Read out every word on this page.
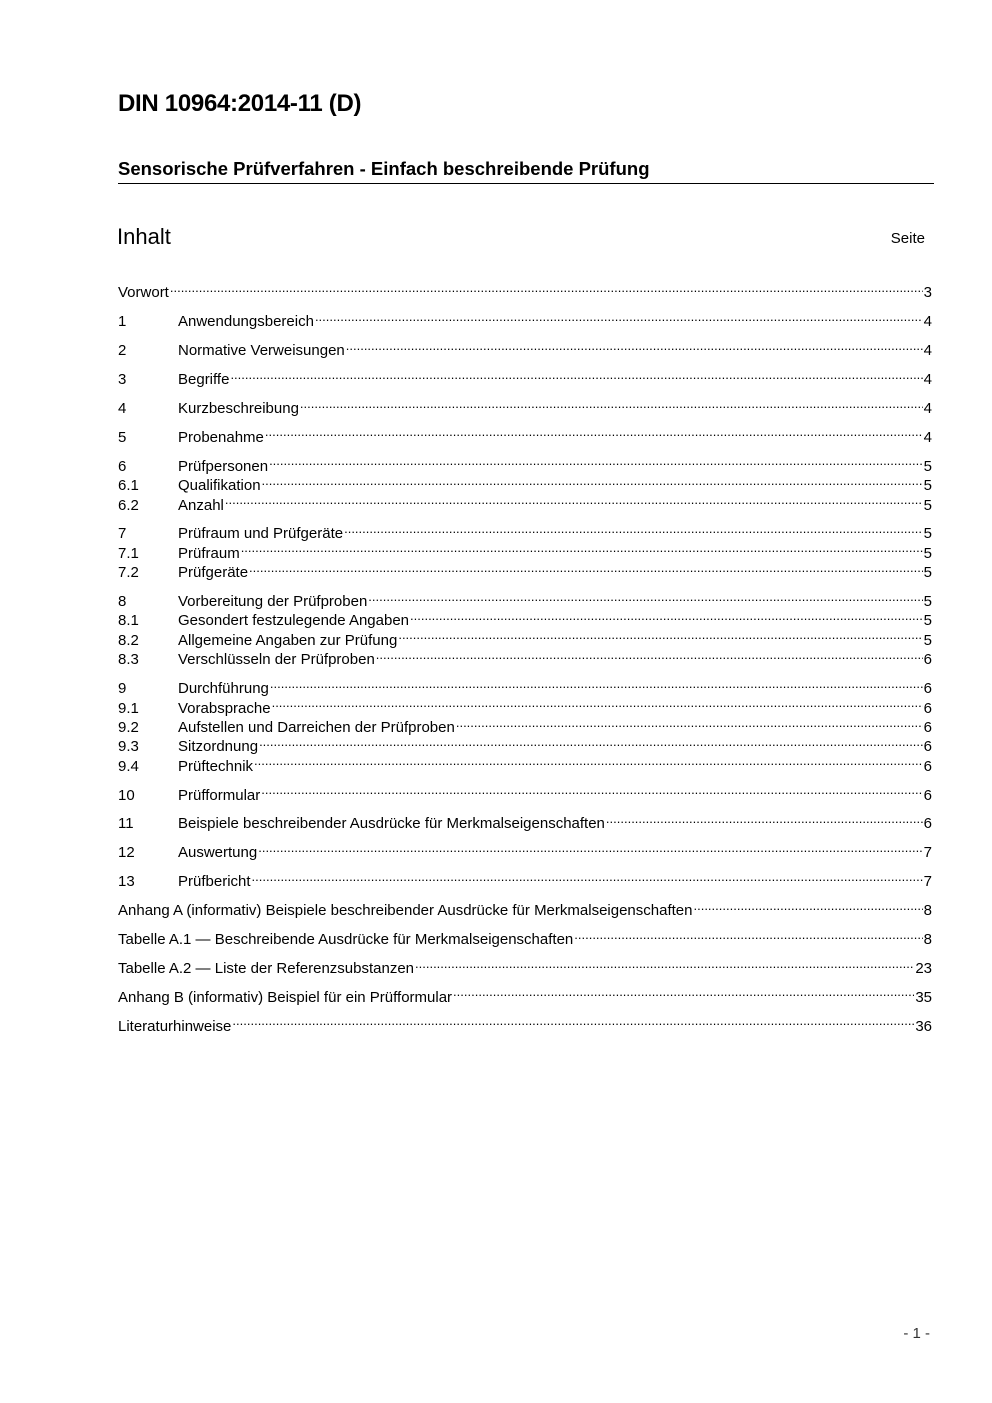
DIN 10964:2014-11 (D)
Sensorische Prüfverfahren - Einfach beschreibende Prüfung
Inhalt	Seite
Vorwort .....	3
1	Anwendungsbereich .....	4
2	Normative Verweisungen .....	4
3	Begriffe .....	4
4	Kurzbeschreibung .....	4
5	Probenahme .....	4
6	Prüfpersonen .....	5
6.1	Qualifikation .....	5
6.2	Anzahl .....	5
7	Prüfraum und Prüfgeräte .....	5
7.1	Prüfraum .....	5
7.2	Prüfgeräte .....	5
8	Vorbereitung der Prüfproben .....	5
8.1	Gesondert festzulegende Angaben .....	5
8.2	Allgemeine Angaben zur Prüfung .....	5
8.3	Verschlüsseln der Prüfproben .....	6
9	Durchführung .....	6
9.1	Vorabsprache .....	6
9.2	Aufstellen und Darreichen der Prüfproben .....	6
9.3	Sitzordnung .....	6
9.4	Prüftechnik .....	6
10	Prüfformular .....	6
11	Beispiele beschreibender Ausdrücke für Merkmalseigenschaften .....	6
12	Auswertung .....	7
13	Prüfbericht .....	7
Anhang A (informativ) Beispiele beschreibender Ausdrücke für Merkmalseigenschaften .....	8
Tabelle A.1 — Beschreibende Ausdrücke für Merkmalseigenschaften .....	8
Tabelle A.2 — Liste der Referenzsubstanzen .....	23
Anhang B (informativ) Beispiel für ein Prüfformular .....	35
Literaturhinweise .....	36
- 1 -
